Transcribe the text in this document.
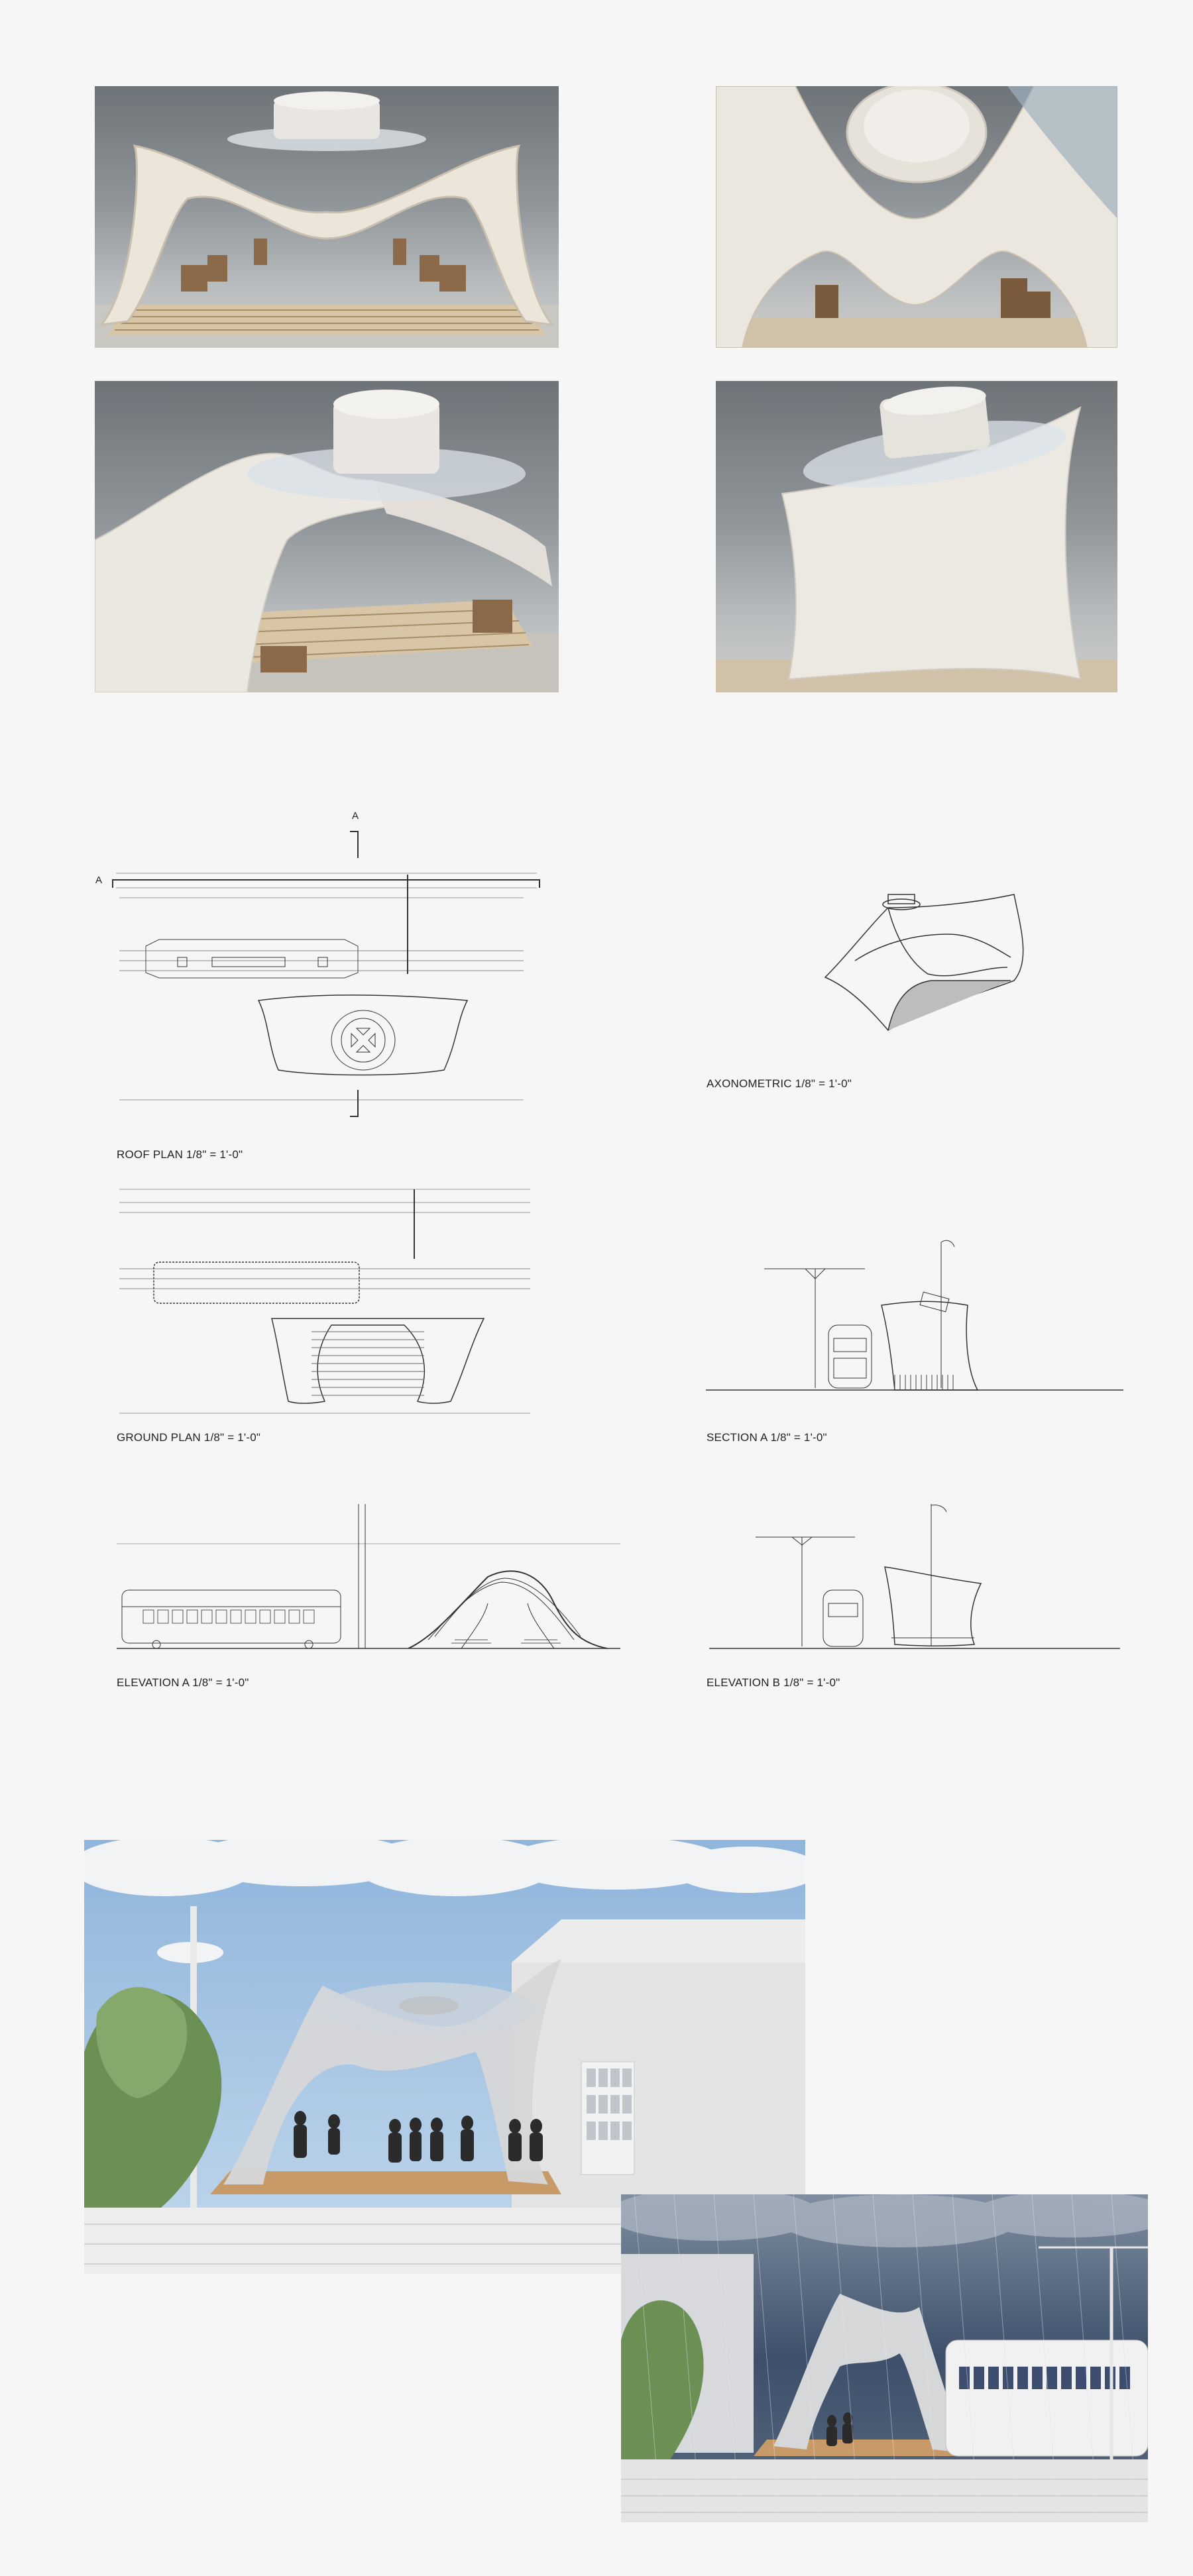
A
A
ROOF PLAN 1/8" = 1'-0"
AXONOMETRIC 1/8" = 1'-0"
GROUND PLAN 1/8" = 1'-0"	SECTION A 1/8" = 1'-0"
ELEVATION A 1/8" = 1'-0"	ELEVATION B 1/8" = 1'-0"
